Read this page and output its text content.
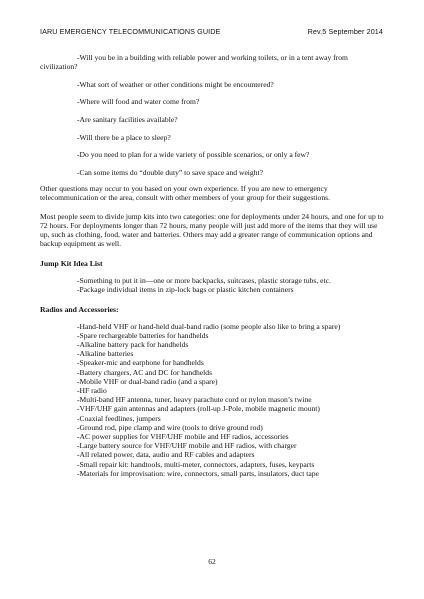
IARU EMERGENCY TELECOMMUNICATIONS GUIDE	Rev.5 September 2014

-Will you be in a building with reliable power and working toilets, or in a tent away from civilization?

-What sort of weather or other conditions might be encountered?

-Where will food and water come from?

-Are sanitary facilities available?

-Will there be a place to sleep?

-Do you need to plan for a wide variety of possible scenarios, or only a few?

-Can some items do “double duty” to save space and weight?

Other questions may occur to you based on your own experience. If you are new to emergency telecommunication or the area, consult with other members of your group for their suggestions.

Most people seem to divide jump kits into two categories: one for deployments under 24 hours, and one for up to 72 hours. For deployments longer than 72 hours, many people will just add more of the items that they will use up, such as clothing, food, water and batteries. Others may add a greater range of communication options and backup equipment as well.

Jump Kit Idea List

-Something to put it in—one or more backpacks, suitcases, plastic storage tubs, etc.
-Package individual items in zip-lock bags or plastic kitchen containers

Radios and Accessories:

-Hand-held VHF or hand-held dual-band radio (some people also like to bring a spare)
-Spare rechargeable batteries for handhelds
-Alkaline battery pack for handhelds
-Alkaline batteries
-Speaker-mic and earphone for handhelds
-Battery chargers, AC and DC for handhelds
-Mobile VHF or dual-band radio (and a spare)
-HF radio
-Multi-band HF antenna, tuner, heavy parachute cord or nylon mason’s twine
-VHF/UHF gain antennas and adapters (roll-up J-Pole, mobile magnetic mount)
-Coaxial feedlines, jumpers
-Ground rod, pipe clamp and wire (tools to drive ground rod)
-AC power supplies for VHF/UHF mobile and HF radios, accessories
-Large battery source for VHF/UHF mobile and HF radios, with charger
-All related power, data, audio and RF cables and adapters
-Small repair kit: handtools, multi-meter, connectors, adapters, fuses, keyparts
-Materials for improvisation: wire, connectors, small parts, insulators, duct tape
62
